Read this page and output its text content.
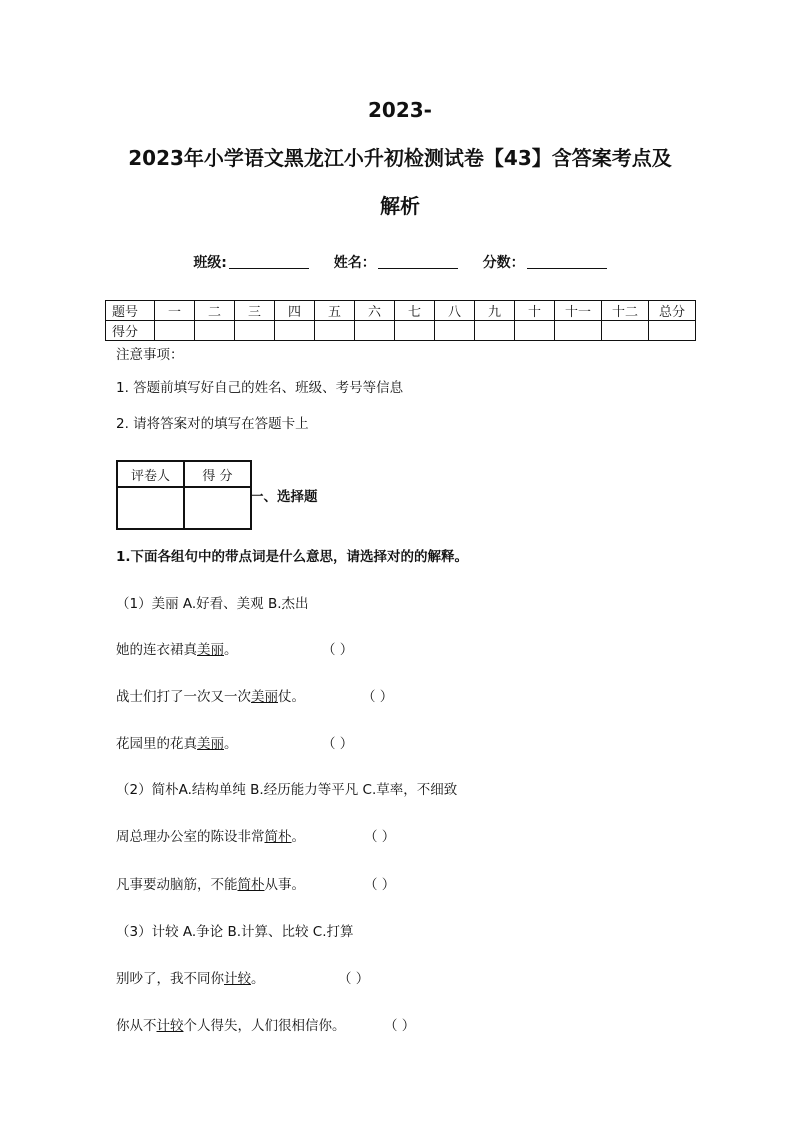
2023-
2023年小学语文黑龙江小升初检测试卷【43】含答案考点及
解析
班级:	姓名：	分数：
题号	一	二	三	四	五	六	七	八	九	十	十一	十二	总分
得分													
注意事项：
1. 答题前填写好自己的姓名、班级、考号等信息
2. 请将答案对的填写在答题卡上
评卷人	得 分

一、选择题
1.下面各组句中的带点词是什么意思，请选择对的的解释。
（1）美丽 A.好看、美观 B.杰出
她的连衣裙真美丽。	（ ）
战士们打了一次又一次美丽仗。	（ ）
花园里的花真美丽。	（ ）
（2）简朴A.结构单纯 B.经历能力等平凡 C.草率，不细致
周总理办公室的陈设非常简朴。	（ ）
凡事要动脑筋，不能简朴从事。	（ ）
（3）计较 A.争论 B.计算、比较 C.打算
别吵了，我不同你计较。	（ ）
你从不计较个人得失，人们很相信你。	（ ）
